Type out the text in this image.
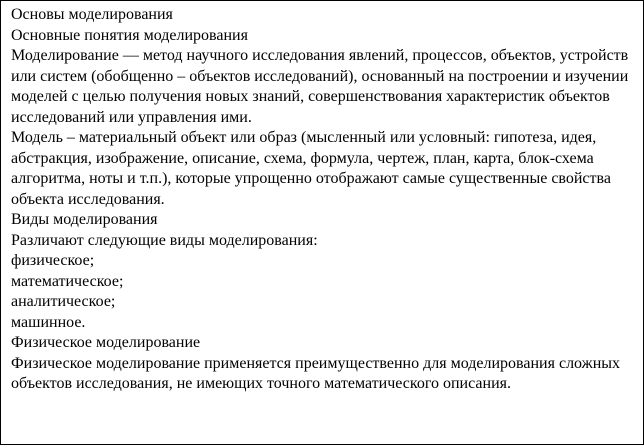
Основы моделирования

Основные понятия моделирования

Моделирование — метод научного исследования явлений, процессов, объектов, устройств или систем (обобщенно – объектов исследований), основанный на построении и изучении моделей с целью получения новых знаний, совершенствования характеристик объектов исследований или управления ими.

Модель – материальный объект или образ (мысленный или условный: гипотеза, идея, абстракция, изображение, описание, схема, формула, чертеж, план, карта, блок-схема алгоритма, ноты и т.п.), которые упрощенно отображают самые существенные свойства объекта исследования.

Виды моделирования

Различают следующие виды моделирования:

физическое;

математическое;

аналитическое;

машинное.

Физическое моделирование

Физическое моделирование применяется преимущественно для моделирования сложных объектов исследования, не имеющих точного математического описания.
